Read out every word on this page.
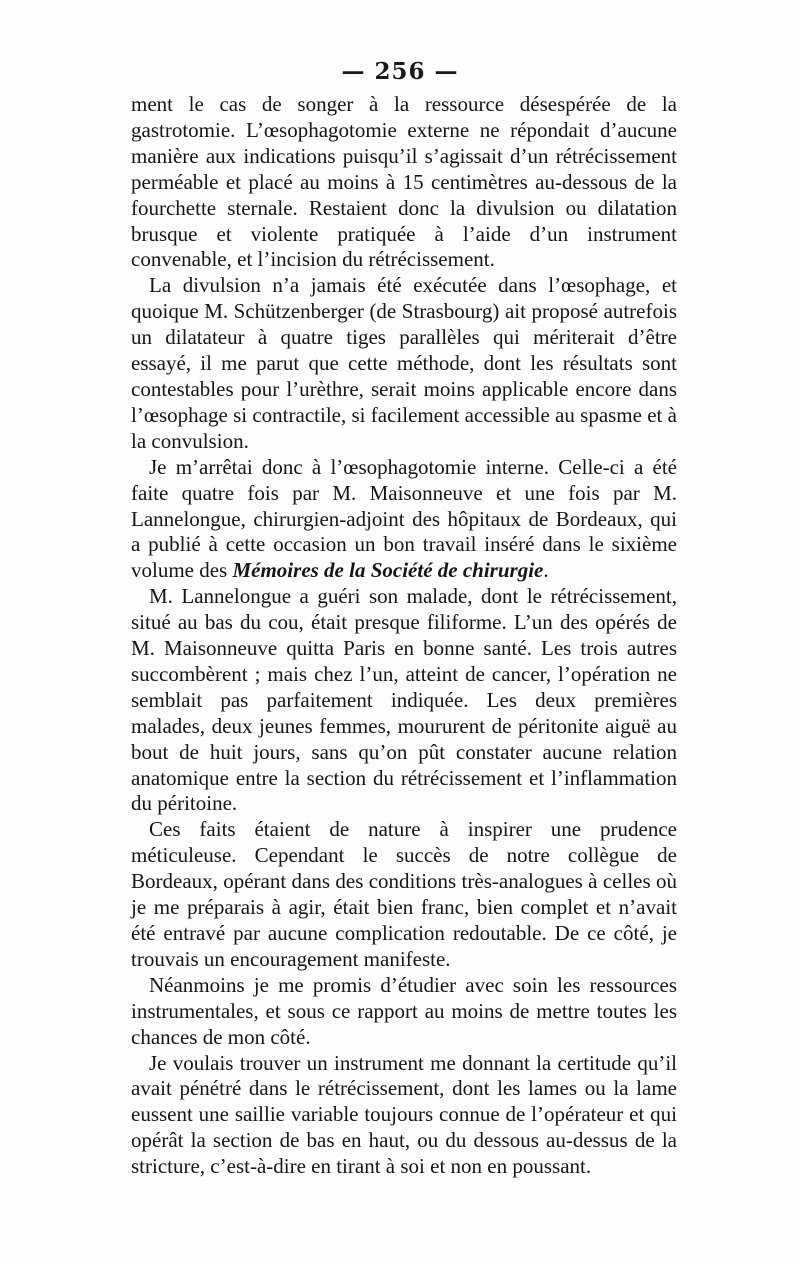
— 256 —

ment le cas de songer à la ressource désespérée de la gastrotomie. L’œsophagotomie externe ne répondait d’aucune manière aux indications puisqu’il s’agissait d’un rétrécissement perméable et placé au moins à 15 centimètres au-dessous de la fourchette sternale. Restaient donc la divulsion ou dilatation brusque et violente pratiquée à l’aide d’un instrument convenable, et l’incision du rétrécissement.

La divulsion n’a jamais été exécutée dans l’œsophage, et quoique M. Schützenberger (de Strasbourg) ait proposé autrefois un dilatateur à quatre tiges parallèles qui mériterait d’être essayé, il me parut que cette méthode, dont les résultats sont contestables pour l’urèthre, serait moins applicable encore dans l’œsophage si contractile, si facilement accessible au spasme et à la convulsion.

Je m’arrêtai donc à l’œsophagotomie interne. Celle-ci a été faite quatre fois par M. Maisonneuve et une fois par M. Lannelongue, chirurgien-adjoint des hôpitaux de Bordeaux, qui a publié à cette occasion un bon travail inséré dans le sixième volume des Mémoires de la Société de chirurgie.

M. Lannelongue a guéri son malade, dont le rétrécissement, situé au bas du cou, était presque filiforme. L’un des opérés de M. Maisonneuve quitta Paris en bonne santé. Les trois autres succombèrent ; mais chez l’un, atteint de cancer, l’opération ne semblait pas parfaitement indiquée. Les deux premières malades, deux jeunes femmes, moururent de péritonite aiguë au bout de huit jours, sans qu’on pût constater aucune relation anatomique entre la section du rétrécissement et l’inflammation du péritoine.

Ces faits étaient de nature à inspirer une prudence méticuleuse. Cependant le succès de notre collègue de Bordeaux, opérant dans des conditions très-analogues à celles où je me préparais à agir, était bien franc, bien complet et n’avait été entravé par aucune complication redoutable. De ce côté, je trouvais un encouragement manifeste.

Néanmoins je me promis d’étudier avec soin les ressources instrumentales, et sous ce rapport au moins de mettre toutes les chances de mon côté.

Je voulais trouver un instrument me donnant la certitude qu’il avait pénétré dans le rétrécissement, dont les lames ou la lame eussent une saillie variable toujours connue de l’opérateur et qui opérât la section de bas en haut, ou du dessous au-dessus de la stricture, c’est-à-dire en tirant à soi et non en poussant.
